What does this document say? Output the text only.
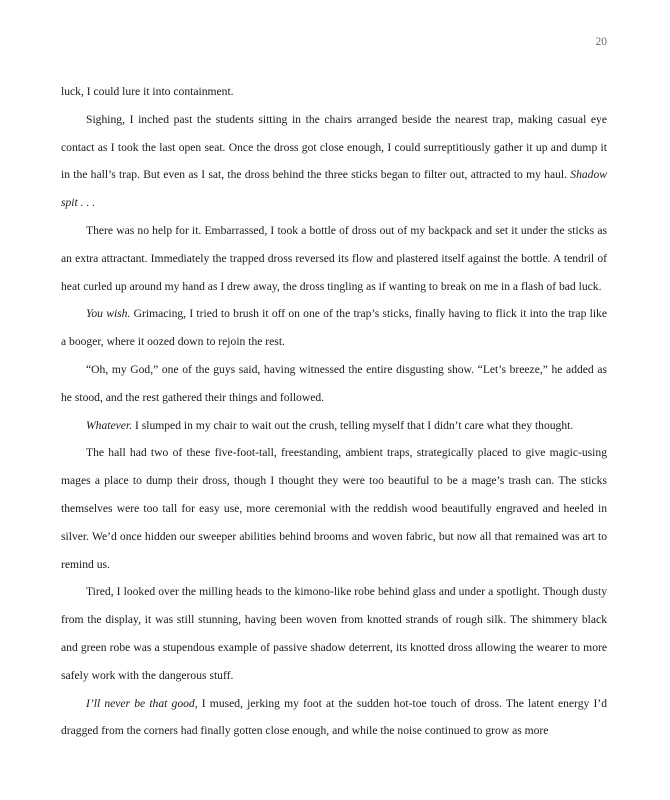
20

luck, I could lure it into containment.

Sighing, I inched past the students sitting in the chairs arranged beside the nearest trap, making casual eye contact as I took the last open seat. Once the dross got close enough, I could surreptitiously gather it up and dump it in the hall’s trap. But even as I sat, the dross behind the three sticks began to filter out, attracted to my haul. Shadow spit . . .

There was no help for it. Embarrassed, I took a bottle of dross out of my backpack and set it under the sticks as an extra attractant. Immediately the trapped dross reversed its flow and plastered itself against the bottle. A tendril of heat curled up around my hand as I drew away, the dross tingling as if wanting to break on me in a flash of bad luck.

You wish. Grimacing, I tried to brush it off on one of the trap’s sticks, finally having to flick it into the trap like a booger, where it oozed down to rejoin the rest.

“Oh, my God,” one of the guys said, having witnessed the entire disgusting show. “Let’s breeze,” he added as he stood, and the rest gathered their things and followed.

Whatever. I slumped in my chair to wait out the crush, telling myself that I didn’t care what they thought.

The hall had two of these five-foot-tall, freestanding, ambient traps, strategically placed to give magic-using mages a place to dump their dross, though I thought they were too beautiful to be a mage’s trash can. The sticks themselves were too tall for easy use, more ceremonial with the reddish wood beautifully engraved and heeled in silver. We’d once hidden our sweeper abilities behind brooms and woven fabric, but now all that remained was art to remind us.

Tired, I looked over the milling heads to the kimono-like robe behind glass and under a spotlight. Though dusty from the display, it was still stunning, having been woven from knotted strands of rough silk. The shimmery black and green robe was a stupendous example of passive shadow deterrent, its knotted dross allowing the wearer to more safely work with the dangerous stuff.

I’ll never be that good, I mused, jerking my foot at the sudden hot-toe touch of dross. The latent energy I’d dragged from the corners had finally gotten close enough, and while the noise continued to grow as more
